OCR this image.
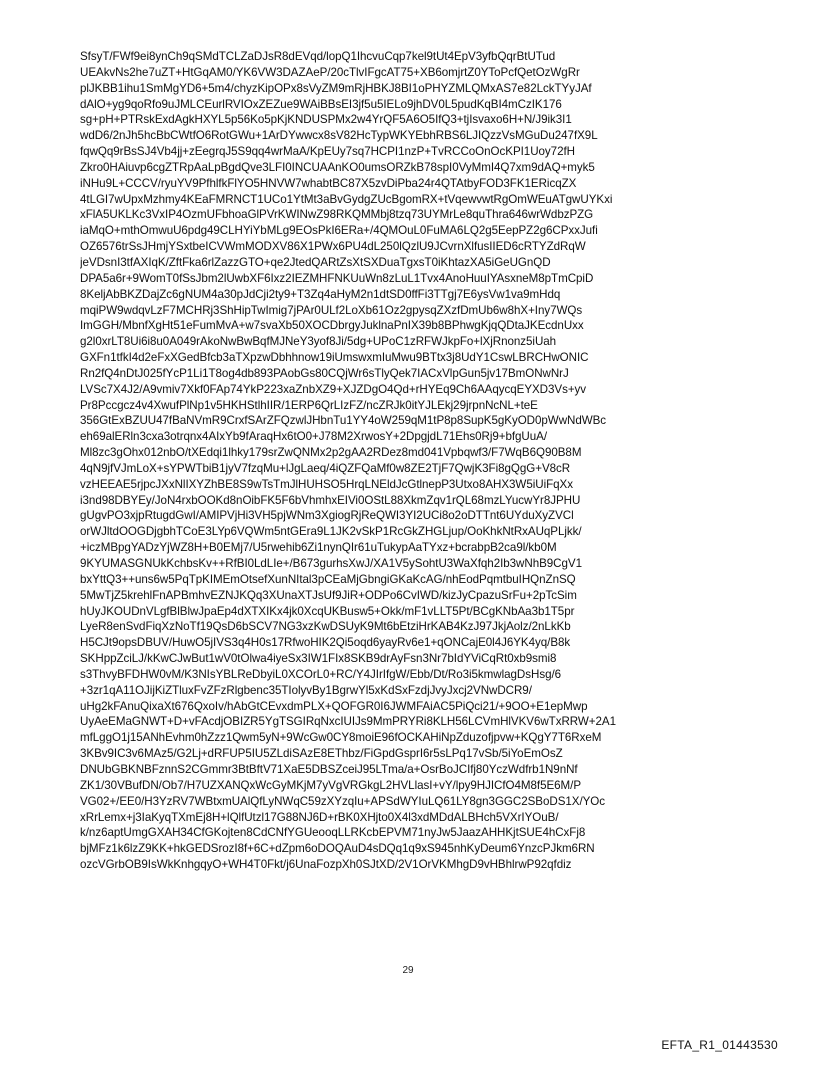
SfsyT/FWf9ei8ynCh9qSMdTCLZaDJsR8dEVqd/lopQ1IhcvuCqp7kel9tUt4EpV3yfbQqrBtUTud
UEAkvNs2he7uZT+HtGqAM0/YK6VW3DAZAeP/20cTlvIFgcAT75+XB6omjrtZ0YToPcfQetOzWgRr
plJKBB1ihu1SmMgYD6+5m4/chyzKipOPx8sVyZM9mRjHBKJ8BI1oPHYZMLQMxAS7e82LckTYyJAf
dAlO+yg9qoRfo9uJMLCEurlRVIOxZEZue9WAiBBsEI3jf5u5IELo9jhDV0L5pudKqBI4mCzIK176
sg+pH+PTRskExdAgkHXYL5p56Ko5pKjKNDUSPMx2w4YrQF5A6O5IfQ3+tjIsvaxo6H+N/J9ik3I1
wdD6/2nJh5hcBbCWtfO6RotGWu+1ArDYwwcx8sV82HcTypWKYEbhRBS6LJIQzzVsMGuDu247fX9L
fqwQq9rBsSJ4Vb4jj+zEegrqJ5S9qq4wrMaA/KpEUy7sq7HCPI1nzP+TvRCCoOnOcKPI1Uoy72fH
Zkro0HAiuvp6cgZTRpAaLpBgdQve3LFI0INCUAAnKO0umsORZkB78spI0VyMmI4Q7xm9dAQ+myk5
iNHu9L+CCCV/ryuYV9PfhlfkFlYO5HNVW7whabtBC87X5zvDiPba24r4QTAtbyFOD3FK1ERicqZX
4tLGI7wUpxMzhmy4KEaFMRNCT1UCo1YtMt3aBvGydgZUcBgomRX+tVqewvwtRgOmWEuATgwUYKxi
xFlA5UKLKc3VxIP4OzmUFbhoaGlPVrKWINwZ98RKQMMbj8tzq73UYMrLe8quThra646wrWdbzPZG
iaMqO+mthOmwuU6pdg49CLHYiYbMLg9EOsPkI6ERa+/4QMOuL0FuMA6LQ2g5EepPZ2g6CPxxJufi
OZ6576trSsJHmjYSxtbeICVWmMODXV86X1PWx6PU4dL250lQzlU9JCvrnXlfusIIED6cRTYZdRqW
jeVDsnI3tfAXIqK/ZftFka6rlZazzGTO+qe2JtedQARtZsXtSXDuaTgxsT0iKhtazXA5iGeUGnQD
DPA5a6r+9WomT0fSsJbm2lUwbXF6Ixz2IEZMHFNKUuWn8zLuL1Tvx4AnoHuuIYAsxneM8pTmCpiD
8KeljAbBKZDajZc6gNUM4a30pJdCji2ty9+T3Zq4aHyM2n1dtSD0ffFi3TTgj7E6ysVw1va9mHdq
mqiPW9wdqvLzF7MCHRj3ShHipTwImig7jPAr0ULf2LoXb61Oz2gpysqZXzfDmUb6w8hX+Iny7WQs
ImGGH/MbnfXgHt51eFumMvA+w7svaXb50XOCDbrgyJuklnaPnIX39b8BPhwgKjqQDtaJKEcdnUxx
g2l0xrLT8Ui6i8u0A049rAkoNwBwBqfMJNeY3yof8Ji/5dg+UPoC1zRFWJkpFo+lXjRnonz5iUah
GXFn1tfkI4d2eFxXGedBfcb3aTXpzwDbhhnow19iUmswxmIuMwu9BTtx3j8UdY1CswLBRCHwONIC
Rn2fQ4nDtJ025fYcP1Li1T8og4db893PAobGs80CQjWr6sTlyQek7IACxVlpGun5jv17BmONwNrJ
LVSc7X4J2/A9vmiv7Xkf0FAp74YkP223xaZnbXZ9+XJZDgO4Qd+rHYEq9Ch6AAqycqEYXD3Vs+yv
Pr8Pccgcz4v4XwufPlNp1v5HKHStlhIIR/1ERP6QrLIzFZ/ncZRJk0itYJLEkj29jrpnNcNL+teE
356GtExBZUU47fBaNVmR9CrxfSArZFQzwlJHbnTu1YY4oW259qM1tP8p8SupK5gKyOD0pWwNdWBc
eh69alERln3cxa3otrqnx4AIxYb9fAraqHx6tO0+J78M2XrwosY+2DpgjdL71Ehs0Rj9+bfgUuA/
Ml8zc3gOhx012nbO/tXEdqi1lhky179srZwQNMx2p2gAA2RDez8md041Vpbqwf3/F7WqB6Q90B8M
4qN9jfVJmLoX+sYPWTbiB1jyV7fzqMu+lJgLaeq/4iQZFQaMf0w8ZE2TjF7QwjK3Fi8gQgG+V8cR
vzHEEAE5rjpcJXxNlIXYZhBE8S9wTsTmJlHUHSO5HrqLNEldJcGtlnepP3Utxo8AHX3W5iUiFqXx
i3nd98DBYEy/JoN4rxbOOKd8nOibFK5F6bVhmhxEIVi0OStL88XkmZqv1rQL68mzLYucwYr8JPHU
gUgvPO3xjpRtugdGwI/AMIPVjHi3VH5pjWNm3XgiogRjReQWI3YI2UCi8o2oDTTnt6UYduXyZVCl
orWJltdOOGDjgbhTCoE3LYp6VQWm5ntGEra9L1JK2vSkP1RcGkZHGLjup/OoKhkNtRxAUqPLjkk/
+iczMBpgYADzYjWZ8H+B0EMj7/U5rwehib6Zi1nynQIr61uTukypAaTYxz+bcrabpB2ca9l/kb0M
9KYUMASGNUkKchbsKv++RfBI0LdLIe+/B673gurhsXwJ/XA1V5ySohtU3WaXfqh2Ib3wNhB9CgV1
bxYttQ3++uns6w5PqTpKIMEmOtsefXunNItal3pCEaMjGbngiGKaKcAG/nhEodPqmtbuIHQnZnSQ
5MwTjZ5krehlFnAPBmhvEZNJKQq3XUnaXTJsUf9JiR+ODPo6CvIWD/kizJyCpazuSrFu+2pTcSim
hUyJKOUDnVLgfBlBlwJpaEp4dXTXIKx4jk0XcqUKBusw5+Okk/mF1vLLT5Pt/BCgKNbAa3b1T5pr
LyeR8enSvdFiqXzNoTf19QsD6bSCV7NG3xzKwDSUyK9Mt6bEtziHrKAB4KzJ97JkjAolz/2nLkKb
H5CJt9opsDBUV/HuwO5jIVS3q4H0s17RfwoHIK2Qi5oqd6yayRv6e1+qONCajE0l4J6YK4yq/B8k
SKHppZciLJ/kKwCJwBut1wV0tOlwa4iyeSx3IW1FIx8SKB9drAyFsn3Nr7bIdYViCqRt0xb9smi8
s3ThvyBFDHW0vM/K3NIsYBLReDbyiL0XCOrL0+RC/Y4JIrIfgW/Ebb/Dt/Ro3i5kmwlagDsHsg/6
+3zr1qA11OJijKiZTluxFvZFzRlgbenc35TIolyvBy1BgrwYl5xKdSxFzdjJvyJxcj2VNwDCR9/
uHg2kFAnuQixaXt676QxoIv/hAbGtCEvxdmPLX+QOFGR0I6JWMFAiAC5PiQci21/+9OO+E1epMwp
UyAeEMaGNWT+D+vFAcdjOBIZR5YgTSGIRqNxcIUIJs9MmPRYRi8KLH56LCVmHlVKV6wTxRRW+2A1
mfLggO1j15ANhEvhm0hZzz1Qwm5yN+9WcGw0CY8moiE96fOCKAHiNpZduzofjpvw+KQgY7T6RxeM
3KBv9IC3v6MAz5/G2Lj+dRFUP5IU5ZLdiSAzE8EThbz/FiGpdGsprI6r5sLPq17vSb/5iYoEmOsZ
DNUbGBKNBFznnS2CGmmr3BtBftV71XaE5DBSZceiJ95LTma/a+OsrBoJCIfj80YczWdfrb1N9nNf
ZK1/30VBufDN/Ob7/H7UZXANQxWcGyMKjM7yVgVRGkgL2HVLlasI+vY/lpy9HJICfO4M8f5E6M/P
VG02+/EE0/H3YzRV7WBtxmUAlQfLyNWqC59zXYzqIu+APSdWYIuLQ61LY8gn3GGC2SBoDS1X/YOc
xRrLemx+j3IaKyqTXmEj8H+lQlfUtzl17G88NJ6D+rBK0XHjto0X4l3xdMDdALBHch5VXrIYOuB/
k/nz6aptUmgGXAH34CfGKojten8CdCNfYGUeooqLLRKcbEPVM71nyJw5JaazAHHKjtSUE4hCxFj8
bjMFz1k6lzZ9KK+hkGEDSrozI8f+6C+dZpm6oDOQAuD4sDQq1q9xS945nhKyDeum6YnzcPJkm6RN
ozcVGrbOB9IsWkKnhgqyO+WH4T0Fkt/j6UnaFozpXh0SJtXD/2V1OrVKMhgD9vHBhlrwP92qfdiz
29
EFTA_R1_01443530
